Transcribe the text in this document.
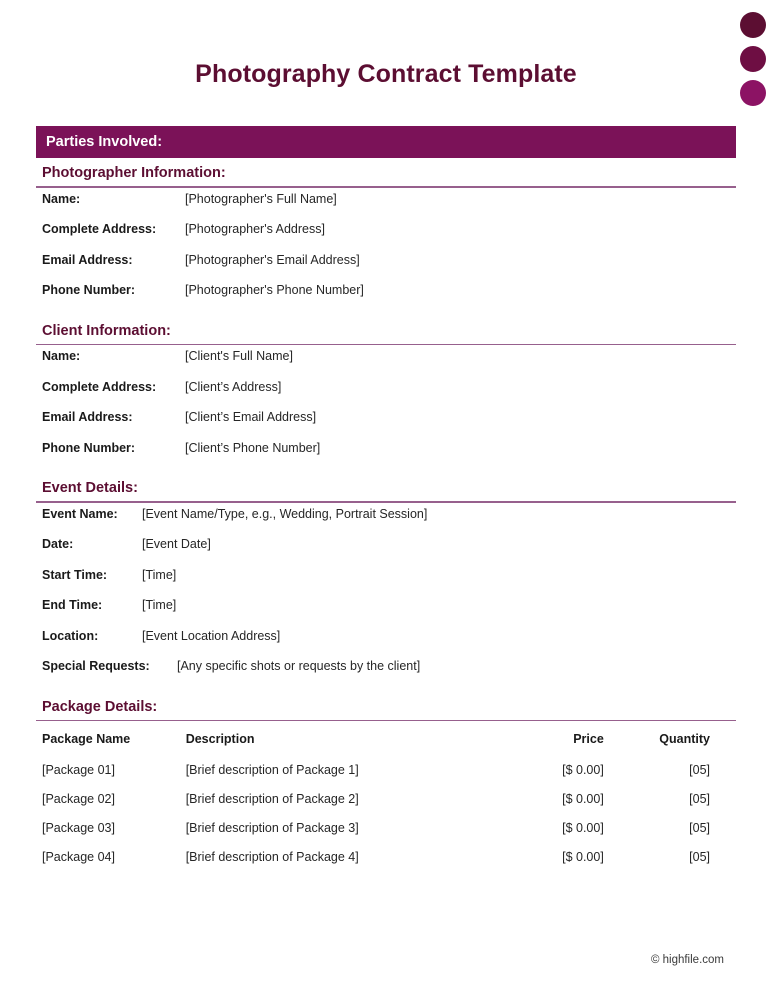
Photography Contract Template
Parties Involved:
Photographer Information:
Name:	[Photographer's Full Name]
Complete Address:	[Photographer's Address]
Email Address:	[Photographer's Email Address]
Phone Number:	[Photographer's Phone Number]
Client Information:
Name:	[Client's Full Name]
Complete Address:	[Client’s Address]
Email Address:	[Client’s Email Address]
Phone Number:	[Client’s Phone Number]
Event Details:
Event Name:	[Event Name/Type, e.g., Wedding, Portrait Session]
Date:	[Event Date]
Start Time:	[Time]
End Time:	[Time]
Location:	[Event Location Address]
Special Requests:	[Any specific shots or requests by the client]
Package Details:
Package Name	Description	Price	Quantity
[Package 01]	[Brief description of Package 1]	[$ 0.00]	[05]
[Package 02]	[Brief description of Package 2]	[$ 0.00]	[05]
[Package 03]	[Brief description of Package 3]	[$ 0.00]	[05]
[Package 04]	[Brief description of Package 4]	[$ 0.00]	[05]
© highfile.com
